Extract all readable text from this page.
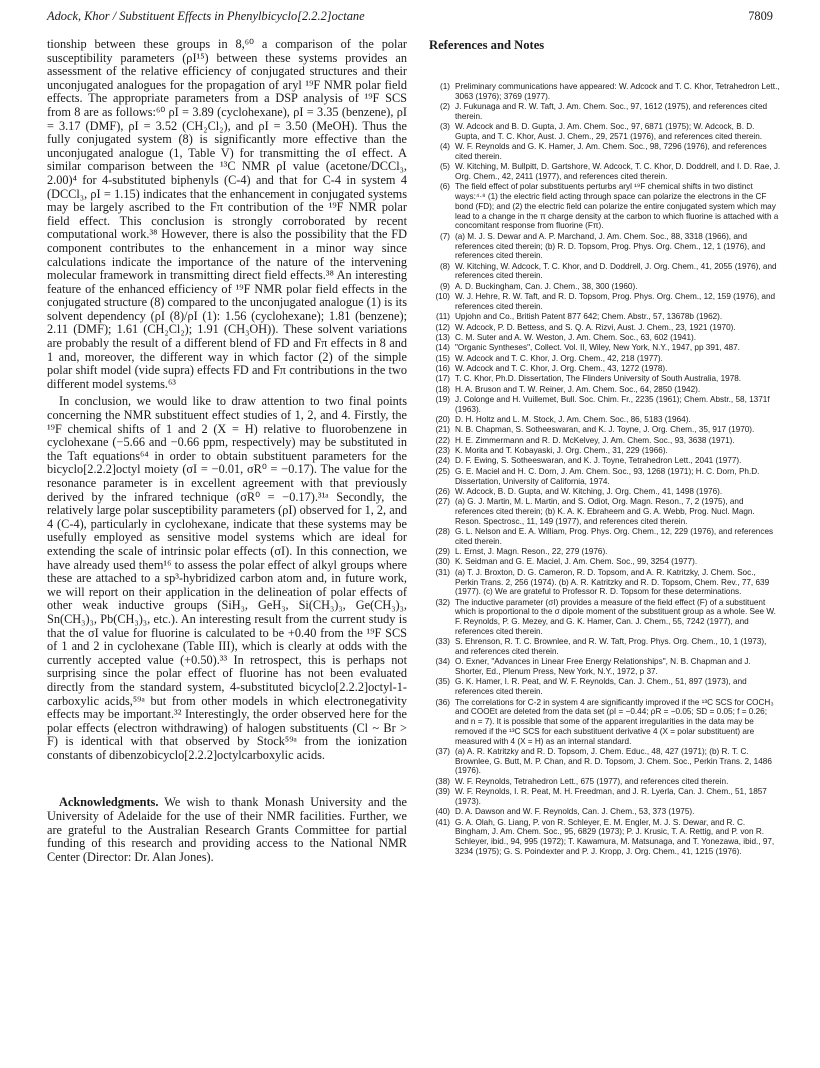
Adock, Khor / Substituent Effects in Phenylbicyclo[2.2.2]octane	7809

tionship between these groups in 8,⁶⁰ a comparison of the polar susceptibility parameters (ρI¹⁵) between these systems provides an assessment of the relative efficiency of conjugated structures and their unconjugated analogues for the propagation of aryl ¹⁹F NMR polar field effects. The appropriate parameters from a DSP analysis of ¹⁹F SCS from 8 are as follows:⁶⁰ ρI = 3.89 (cyclohexane), ρI = 3.35 (benzene), ρI = 3.17 (DMF), ρI = 3.52 (CH₂Cl₂), and ρI = 3.50 (MeOH). Thus the fully conjugated system (8) is significantly more effective than the unconjugated analogue (1, Table V) for transmitting the σI effect. A similar comparison between the ¹³C NMR ρI value (acetone/DCCl₃, 2.00)⁴ for 4-substituted biphenyls (C-4) and that for C-4 in system 4 (DCCl₃, ρI = 1.15) indicates that the enhancement in conjugated systems may be largely ascribed to the Fπ contribution of the ¹⁹F NMR polar field effect. This conclusion is strongly corroborated by recent computational work.³⁸ However, there is also the possibility that the FD component contributes to the enhancement in a minor way since calculations indicate the importance of the nature of the intervening molecular framework in transmitting direct field effects.³⁸ An interesting feature of the enhanced efficiency of ¹⁹F NMR polar field effects in the conjugated structure (8) compared to the unconjugated analogue (1) is its solvent dependency (ρI (8)/ρI (1): 1.56 (cyclohexane); 1.81 (benzene); 2.11 (DMF); 1.61 (CH₂Cl₂); 1.91 (CH₃OH)). These solvent variations are probably the result of a different blend of FD and Fπ effects in 8 and 1 and, moreover, the different way in which factor (2) of the simple polar shift model (vide supra) effects FD and Fπ contributions in the two different model systems.⁶³

In conclusion, we would like to draw attention to two final points concerning the NMR substituent effect studies of 1, 2, and 4. Firstly, the ¹⁹F chemical shifts of 1 and 2 (X = H) relative to fluorobenzene in cyclohexane (−5.66 and −0.66 ppm, respectively) may be substituted in the Taft equations⁶⁴ in order to obtain substituent parameters for the bicyclo[2.2.2]octyl moiety (σI = −0.01, σR⁰ = −0.17). The value for the resonance parameter is in excellent agreement with that previously derived by the infrared technique (σR⁰ = −0.17).³¹ᵃ Secondly, the relatively large polar susceptibility parameters (ρI) observed for 1, 2, and 4 (C-4), particularly in cyclohexane, indicate that these systems may be usefully employed as sensitive model systems which are ideal for extending the scale of intrinsic polar effects (σI). In this connection, we have already used them¹⁶ to assess the polar effect of alkyl groups where these are attached to a sp³-hybridized carbon atom and, in future work, we will report on their application in the delineation of polar effects of other weak inductive groups (SiH₃, GeH₃, Si(CH₃)₃, Ge(CH₃)₃, Sn(CH₃)₃, Pb(CH₃)₃, etc.). An interesting result from the current study is that the σI value for fluorine is calculated to be +0.40 from the ¹⁹F SCS of 1 and 2 in cyclohexane (Table III), which is clearly at odds with the currently accepted value (+0.50).³³ In retrospect, this is perhaps not surprising since the polar effect of fluorine has not been evaluated directly from the standard system, 4-substituted bicyclo[2.2.2]octyl-1-carboxylic acids,⁵⁹ᵃ but from other models in which electronegativity effects may be important.³² Interestingly, the order observed here for the polar effects (electron withdrawing) of halogen substituents (Cl ~ Br > F) is identical with that observed by Stock⁵⁹ᵃ from the ionization constants of dibenzobicyclo[2.2.2]octylcarboxylic acids.

Acknowledgments. We wish to thank Monash University and the University of Adelaide for the use of their NMR facilities. Further, we are grateful to the Australian Research Grants Committee for partial funding of this research and providing access to the National NMR Center (Director: Dr. Alan Jones).

References and Notes
(1) Preliminary communications have appeared: W. Adcock and T. C. Khor, Tetrahedron Lett., 3063 (1976); 3769 (1977).
(2) J. Fukunaga and R. W. Taft, J. Am. Chem. Soc., 97, 1612 (1975), and references cited therein.
(3) W. Adcock and B. D. Gupta, J. Am. Chem. Soc., 97, 6871 (1975); W. Adcock, B. D. Gupta, and T. C. Khor, Aust. J. Chem., 29, 2571 (1976), and references cited therein.
(4) W. F. Reynolds and G. K. Hamer, J. Am. Chem. Soc., 98, 7296 (1976), and references cited therein.
(5) W. Kitching, M. Bullpitt, D. Gartshore, W. Adcock, T. C. Khor, D. Doddrell, and I. D. Rae, J. Org. Chem., 42, 2411 (1977), and references cited therein.
(6) The field effect of polar substituents perturbs aryl ¹⁹F chemical shifts in two distinct ways:⁴·⁸ (1) the electric field acting through space can polarize the electrons in the CF bond (FD); and (2) the electric field can polarize the entire conjugated system which may lead to a change in the π charge density at the carbon to which fluorine is attached with a concomitant response from fluorine (Fπ).
(7) (a) M. J. S. Dewar and A. P. Marchand, J. Am. Chem. Soc., 88, 3318 (1966), and references cited therein; (b) R. D. Topsom, Prog. Phys. Org. Chem., 12, 1 (1976), and references cited therein.
(8) W. Kitching, W. Adcock, T. C. Khor, and D. Doddrell, J. Org. Chem., 41, 2055 (1976), and references cited therein.
(9) A. D. Buckingham, Can. J. Chem., 38, 300 (1960).
(10) W. J. Hehre, R. W. Taft, and R. D. Topsom, Prog. Phys. Org. Chem., 12, 159 (1976), and references cited therein.
(11) Upjohn and Co., British Patent 877 642; Chem. Abstr., 57, 13678b (1962).
(12) W. Adcock, P. D. Bettess, and S. Q. A. Rizvi, Aust. J. Chem., 23, 1921 (1970).
(13) C. M. Suter and A. W. Weston, J. Am. Chem. Soc., 63, 602 (1941).
(14) "Organic Syntheses", Collect. Vol. II, Wiley, New York, N.Y., 1947, pp 391, 487.
(15) W. Adcock and T. C. Khor, J. Org. Chem., 42, 218 (1977).
(16) W. Adcock and T. C. Khor, J. Org. Chem., 43, 1272 (1978).
(17) T. C. Khor, Ph.D. Dissertation, The Flinders University of South Australia, 1978.
(18) H. A. Bruson and T. W. Reiner, J. Am. Chem. Soc., 64, 2850 (1942).
(19) J. Colonge and H. Vuillemet, Bull. Soc. Chim. Fr., 2235 (1961); Chem. Abstr., 58, 1371f (1963).
(20) D. H. Holtz and L. M. Stock, J. Am. Chem. Soc., 86, 5183 (1964).
(21) N. B. Chapman, S. Sotheeswaran, and K. J. Toyne, J. Org. Chem., 35, 917 (1970).
(22) H. E. Zimmermann and R. D. McKelvey, J. Am. Chem. Soc., 93, 3638 (1971).
(23) K. Morita and T. Kobayaski, J. Org. Chem., 31, 229 (1966).
(24) D. F. Ewing, S. Sotheeswaran, and K. J. Toyne, Tetrahedron Lett., 2041 (1977).
(25) G. E. Maciel and H. C. Dorn, J. Am. Chem. Soc., 93, 1268 (1971); H. C. Dorn, Ph.D. Dissertation, University of California, 1974.
(26) W. Adcock, B. D. Gupta, and W. Kitching, J. Org. Chem., 41, 1498 (1976).
(27) (a) G. J. Martin, M. L. Martin, and S. Odiot, Org. Magn. Reson., 7, 2 (1975), and references cited therein; (b) K. A. K. Ebraheem and G. A. Webb, Prog. Nucl. Magn. Reson. Spectrosc., 11, 149 (1977), and references cited therein.
(28) G. L. Nelson and E. A. William, Prog. Phys. Org. Chem., 12, 229 (1976), and references cited therein.
(29) L. Ernst, J. Magn. Reson., 22, 279 (1976).
(30) K. Seidman and G. E. Maciel, J. Am. Chem. Soc., 99, 3254 (1977).
(31) (a) T. J. Broxton, D. G. Cameron, R. D. Topsom, and A. R. Katritzky, J. Chem. Soc., Perkin Trans. 2, 256 (1974). (b) A. R. Katritzky and R. D. Topsom, Chem. Rev., 77, 639 (1977). (c) We are grateful to Professor R. D. Topsom for these determinations.
(32) The inductive parameter (σI) provides a measure of the field effect (F) of a substituent which is proportional to the σ dipole moment of the substituent group as a whole. See W. F. Reynolds, P. G. Mezey, and G. K. Hamer, Can. J. Chem., 55, 7242 (1977), and references cited therein.
(33) S. Ehrenson, R. T. C. Brownlee, and R. W. Taft, Prog. Phys. Org. Chem., 10, 1 (1973), and references cited therein.
(34) O. Exner, "Advances in Linear Free Energy Relationships", N. B. Chapman and J. Shorter, Ed., Plenum Press, New York, N.Y., 1972, p 37.
(35) G. K. Hamer, I. R. Peat, and W. F. Reynolds, Can. J. Chem., 51, 897 (1973), and references cited therein.
(36) The correlations for C-2 in system 4 are significantly improved if the ¹³C SCS for COCH₃ and COOEt are deleted from the data set (ρI = −0.44; ρR = −0.05; SD = 0.05; f = 0.26; and n = 7). It is possible that some of the apparent irregularities in the data may be removed if the ¹³C SCS for each substituent derivative 4 (X = polar substituent) are measured with 4 (X = H) as an internal standard.
(37) (a) A. R. Katritzky and R. D. Topsom, J. Chem. Educ., 48, 427 (1971); (b) R. T. C. Brownlee, G. Butt, M. P. Chan, and R. D. Topsom, J. Chem. Soc., Perkin Trans. 2, 1486 (1976).
(38) W. F. Reynolds, Tetrahedron Lett., 675 (1977), and references cited therein.
(39) W. F. Reynolds, I. R. Peat, M. H. Freedman, and J. R. Lyerla, Can. J. Chem., 51, 1857 (1973).
(40) D. A. Dawson and W. F. Reynolds, Can. J. Chem., 53, 373 (1975).
(41) G. A. Olah, G. Liang, P. von R. Schleyer, E. M. Engler, M. J. S. Dewar, and R. C. Bingham, J. Am. Chem. Soc., 95, 6829 (1973); P. J. Krusic, T. A. Rettig, and P. von R. Schleyer, ibid., 94, 995 (1972); T. Kawamura, M. Matsunaga, and T. Yonezawa, ibid., 97, 3234 (1975); G. S. Poindexter and P. J. Kropp, J. Org. Chem., 41, 1215 (1976).
